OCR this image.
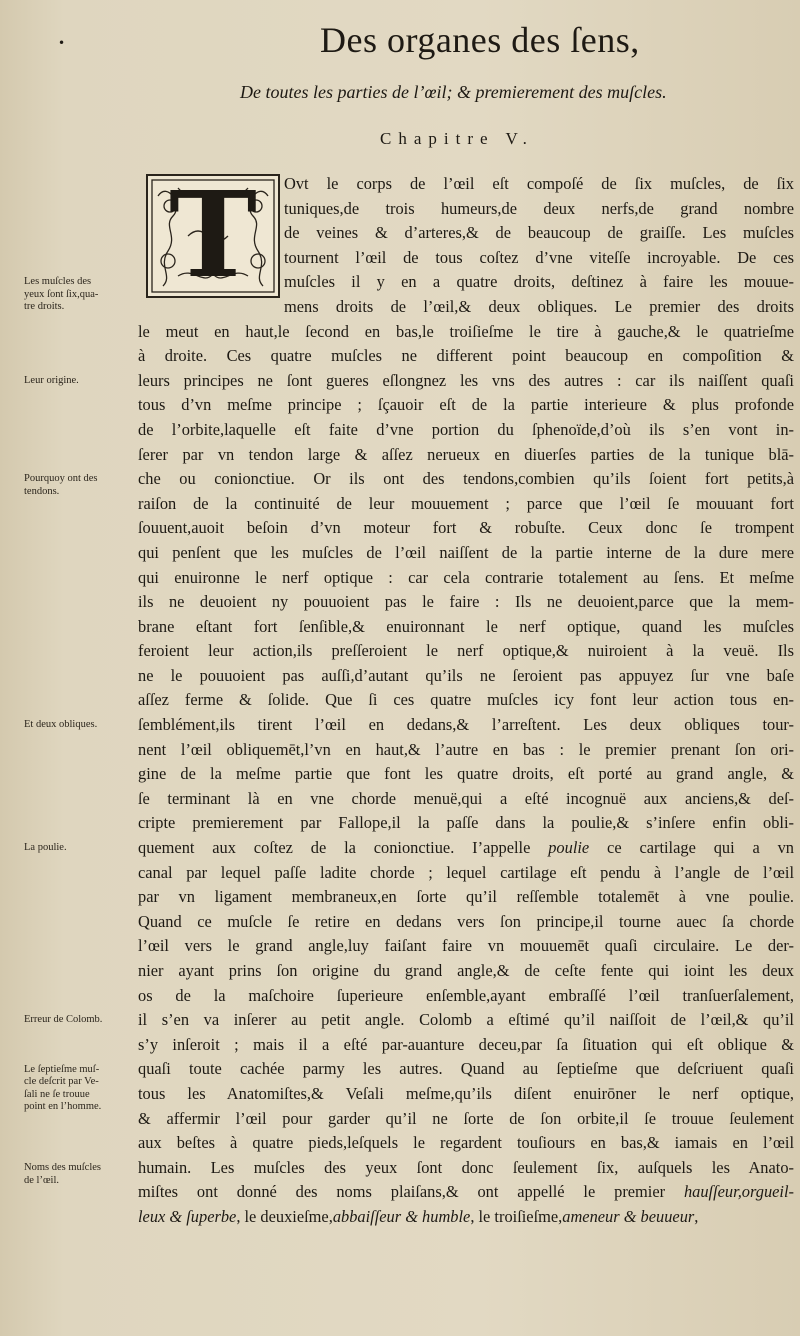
•	Des organes des ſens,
De toutes les parties de l’œil; & premierement des muſcles.
Chapitre V.
T	Ovt le corps de l’œil eſt compoſé de ſix muſcles, de ſix
tuniques,de trois humeurs,de deux nerfs,de grand nombre
de veines & d’arteres,& de beaucoup de graiſſe. Les muſcles
tournent l’œil de tous coſtez d’vne viteſſe incroyable. De ces
muſcles il y en a quatre droits, deſtinez à faire les mouue-
mens droits de l’œil,& deux obliques. Le premier des droits
le meut en haut,le ſecond en bas,le troiſieſme le tire à gauche,& le quatrieſme
à droite. Ces quatre muſcles ne different point beaucoup en compoſition &
leurs principes ne ſont gueres eſlongnez les vns des autres : car ils naiſſent quaſi
tous d’vn meſme principe ; ſçauoir eſt de la partie interieure & plus profonde
de l’orbite,laquelle eſt faite d’vne portion du ſphenoïde,d’où ils s’en vont in-
ſerer par vn tendon large & aſſez nerueux en diuerſes parties de la tunique blā-
che ou conionctiue. Or ils ont des tendons,combien qu’ils ſoient fort petits,à
raiſon de la continuité de leur mouuement ; parce que l’œil ſe mouuant fort
ſouuent,auoit beſoin d’vn moteur fort & robuſte. Ceux donc ſe trompent
qui penſent que les muſcles de l’œil naiſſent de la partie interne de la dure mere
qui enuironne le nerf optique : car cela contrarie totalement au ſens. Et meſme
ils ne deuoient ny pouuoient pas le faire : Ils ne deuoient,parce que la mem-
brane eſtant fort ſenſible,& enuironnant le nerf optique, quand les muſcles
feroient leur action,ils preſſeroient le nerf optique,& nuiroient à la veuë. Ils
ne le pouuoient pas auſſi,d’autant qu’ils ne ſeroient pas appuyez ſur vne baſe
aſſez ferme & ſolide. Que ſi ces quatre muſcles icy font leur action tous en-
ſemblément,ils tirent l’œil en dedans,& l’arreſtent. Les deux obliques tour-
nent l’œil obliquemēt,l’vn en haut,& l’autre en bas : le premier prenant ſon ori-
gine de la meſme partie que font les quatre droits, eſt porté au grand angle, &
ſe terminant là en vne chorde menuë,qui a eſté incognuë aux anciens,& deſ-
cripte premierement par Fallope,il la paſſe dans la poulie,& s’inſere enfin obli-
quement aux coſtez de la conionctiue. I’appelle poulie ce cartilage qui a vn
canal par lequel paſſe ladite chorde ; lequel cartilage eſt pendu à l’angle de l’œil
par vn ligament membraneux,en ſorte qu’il reſſemble totalemēt à vne poulie.
Quand ce muſcle ſe retire en dedans vers ſon principe,il tourne auec ſa chorde
l’œil vers le grand angle,luy faiſant faire vn mouuemēt quaſi circulaire. Le der-
nier ayant prins ſon origine du grand angle,& de ceſte fente qui ioint les deux
os de la maſchoire ſuperieure enſemble,ayant embraſſé l’œil tranſuerſalement,
il s’en va inſerer au petit angle. Colomb a eſtimé qu’il naiſſoit de l’œil,& qu’il
s’y inſeroit ; mais il a eſté par-auanture deceu,par ſa ſituation qui eſt oblique &
quaſi toute cachée parmy les autres. Quand au ſeptieſme que deſcriuent quaſi
tous les Anatomiſtes,& Veſali meſme,qu’ils diſent enuirōner le nerf optique,
& affermir l’œil pour garder qu’il ne ſorte de ſon orbite,il ſe trouue ſeulement
aux beſtes à quatre pieds,leſquels le regardent touſiours en bas,& iamais en l’œil
humain. Les muſcles des yeux ſont donc ſeulement ſix, auſquels les Anato-
miſtes ont donné des noms plaiſans,& ont appellé le premier hauſſeur,orgueil-
leux & ſuperbe, le deuxieſme,abbaiſſeur & humble, le troiſieſme,ameneur & beuueur,
Les muſcles des
yeux ſont ſix,qua-
tre droits.
Leur origine.
Pourquoy ont des
tendons.
Et deux obliques.
La poulie.
Erreur de Colomb.
Le ſeptieſme muſ-
cle deſcrit par Ve-
ſali ne ſe trouue
point en l’homme.
Noms des muſcles
de l’œil.
